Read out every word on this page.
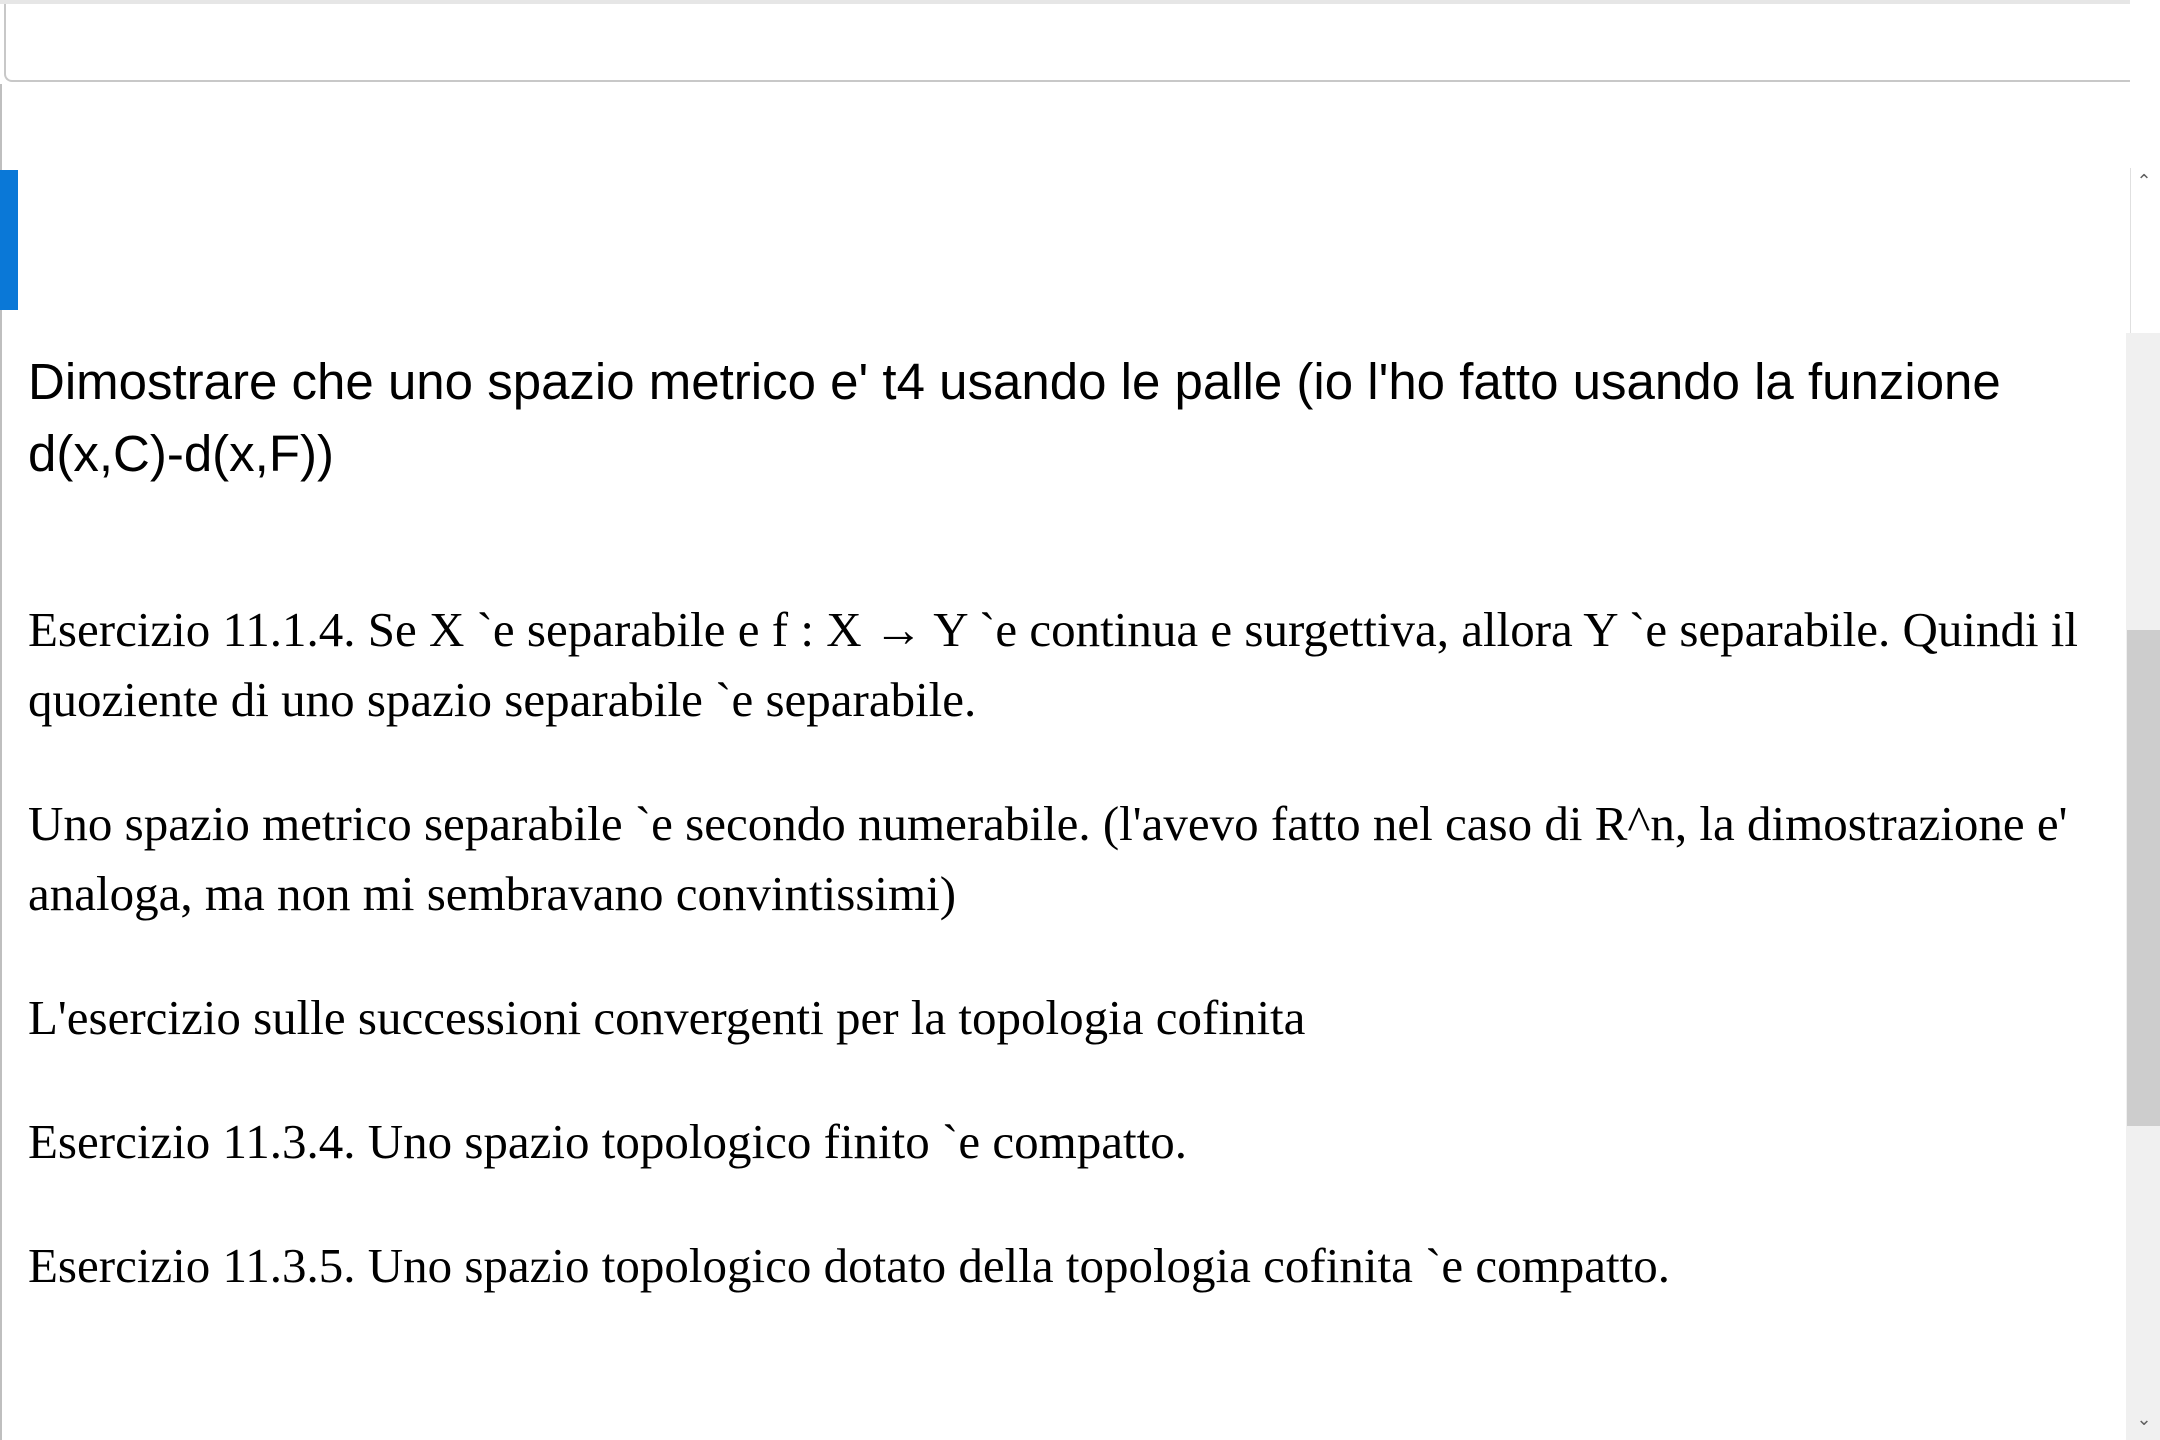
⌃
⌄

Dimostrare che uno spazio metrico e' t4 usando le palle (io l'ho fatto usando la funzione d(x,C)-d(x,F))

Esercizio 11.1.4. Se X `e separabile e f : X → Y `e continua e surgettiva, allora Y `e separabile. Quindi il quoziente di uno spazio separabile `e separabile.

Uno spazio metrico separabile `e secondo numerabile. (l'avevo fatto nel caso di R^n, la dimostrazione e' analoga, ma non mi sembravano convintissimi)

L'esercizio sulle successioni convergenti per la topologia cofinita

Esercizio 11.3.4. Uno spazio topologico finito `e compatto.

Esercizio 11.3.5. Uno spazio topologico dotato della topologia cofinita `e compatto.
